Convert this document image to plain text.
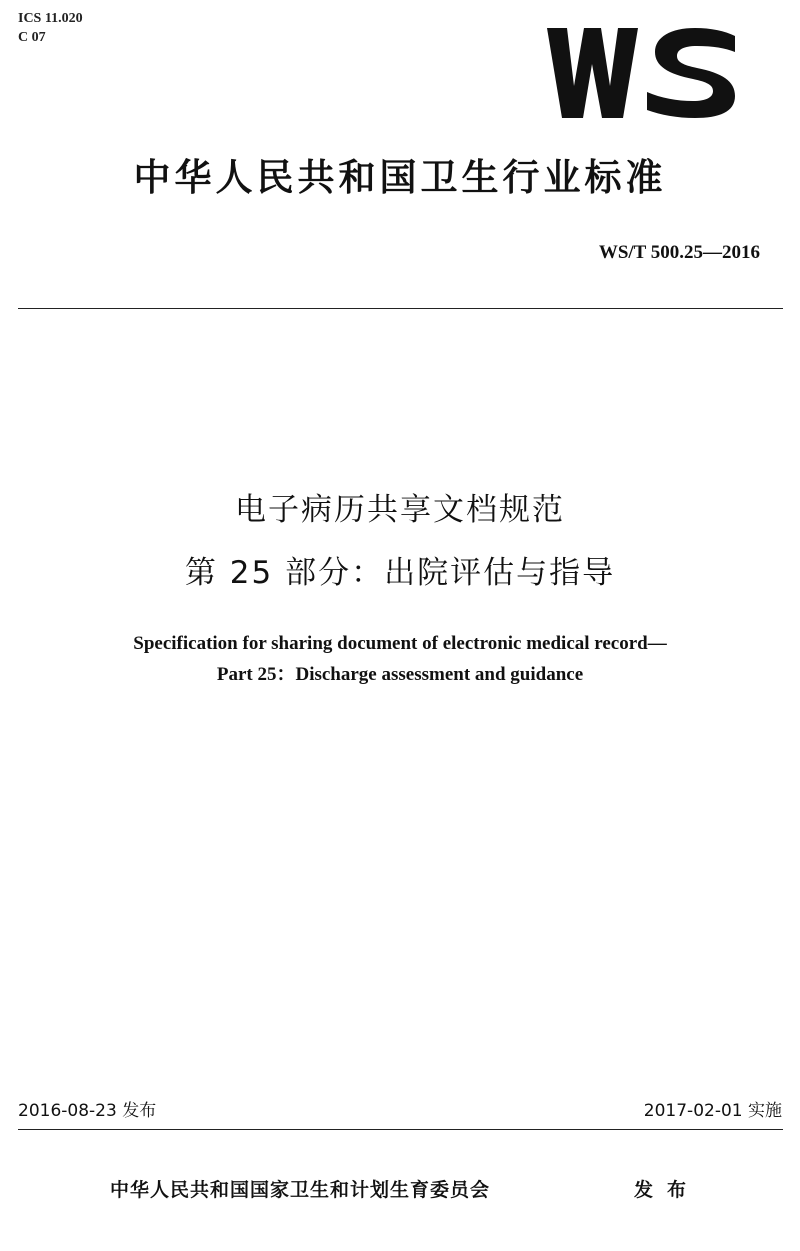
ICS 11.020
C 07
中华人民共和国卫生行业标准
WS/T 500.25—2016
电子病历共享文档规范
第 25 部分：出院评估与指导
Specification for sharing document of electronic medical record—
Part 25：Discharge assessment and guidance
2016-08-23 发布	2017-02-01 实施
中华人民共和国国家卫生和计划生育委员会	发布
